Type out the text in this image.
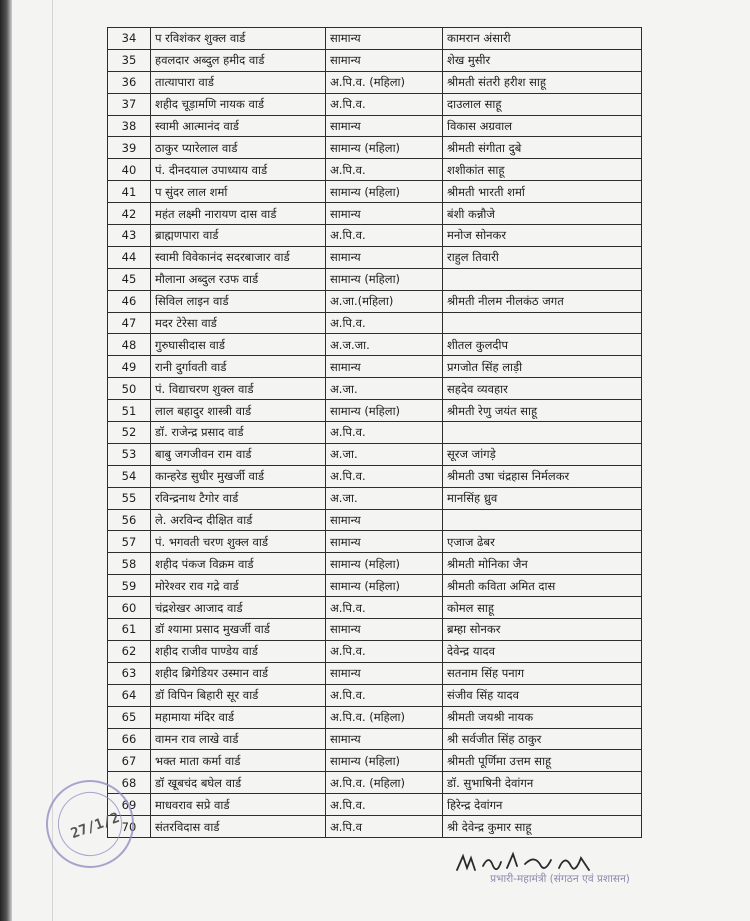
34	प रविशंकर शुक्ल वार्ड	सामान्य	कामरान अंसारी
35	हवलदार अब्दुल हमीद वार्ड	सामान्य	शेख मुसीर
36	तात्यापारा वार्ड	अ.पि.व. (महिला)	श्रीमती संतरी हरीश साहू
37	शहीद चूड़ामणि नायक वार्ड	अ.पि.व.	दाउलाल साहू
38	स्वामी आत्मानंद वार्ड	सामान्य	विकास अग्रवाल
39	ठाकुर प्यारेलाल वार्ड	सामान्य (महिला)	श्रीमती संगीता दुबे
40	पं. दीनदयाल उपाध्याय वार्ड	अ.पि.व.	शशीकांत साहू
41	प सुंदर लाल शर्मा	सामान्य (महिला)	श्रीमती भारती शर्मा
42	महंत लक्ष्मी नारायण दास वार्ड	सामान्य	बंशी कन्नौजे
43	ब्राह्मणपारा वार्ड	अ.पि.व.	मनोज सोनकर
44	स्वामी विवेकानंद सदरबाजार वार्ड	सामान्य	राहुल तिवारी
45	मौलाना अब्दुल रउफ वार्ड	सामान्य (महिला)	
46	सिविल लाइन वार्ड	अ.जा.(महिला)	श्रीमती नीलम नीलकंठ जगत
47	मदर टेरेसा वार्ड	अ.पि.व.	
48	गुरुघासीदास वार्ड	अ.ज.जा.	शीतल कुलदीप
49	रानी दुर्गावती वार्ड	सामान्य	प्रगजोत सिंह लाड़ी
50	पं. विद्याचरण शुक्ल वार्ड	अ.जा.	सहदेव व्यवहार
51	लाल बहादुर शास्त्री वार्ड	सामान्य (महिला)	श्रीमती रेणु जयंत साहू
52	डॉ. राजेन्द्र प्रसाद वार्ड	अ.पि.व.	
53	बाबु जगजीवन राम वार्ड	अ.जा.	सूरज जांगड़े
54	कान्हरेड सुधीर मुखर्जी वार्ड	अ.पि.व.	श्रीमती उषा चंद्रहास निर्मलकर
55	रविन्द्रनाथ टैगोर वार्ड	अ.जा.	मानसिंह ध्रुव
56	ले. अरविन्द दीक्षित वार्ड	सामान्य	
57	पं. भगवती चरण शुक्ल वार्ड	सामान्य	एजाज ढेबर
58	शहीद पंकज विक्रम वार्ड	सामान्य (महिला)	श्रीमती मोनिका जैन
59	मोरेश्वर राव गद्रे वार्ड	सामान्य (महिला)	श्रीमती कविता अमित दास
60	चंद्रशेखर आजाद वार्ड	अ.पि.व.	कोमल साहू
61	डॉ श्यामा प्रसाद मुखर्जी वार्ड	सामान्य	ब्रम्हा सोनकर
62	शहीद राजीव पाण्डेय वार्ड	अ.पि.व.	देवेन्द्र यादव
63	शहीद ब्रिगेडियर उस्मान वार्ड	सामान्य	सतनाम सिंह पनाग
64	डॉ विपिन बिहारी सूर वार्ड	अ.पि.व.	संजीव सिंह यादव
65	महामाया मंदिर वार्ड	अ.पि.व. (महिला)	श्रीमती जयश्री नायक
66	वामन राव लाखे वार्ड	सामान्य	श्री सर्वजीत सिंह ठाकुर
67	भक्त माता कर्मा वार्ड	सामान्य (महिला)	श्रीमती पूर्णिमा उत्तम साहू
68	डॉ खूबचंद बघेल वार्ड	अ.पि.व. (महिला)	डॉ. सुभाषिनी देवांगन
69	माधवराव सप्रे वार्ड	अ.पि.व.	हिरेन्द्र देवांगन
70	संतरविदास वार्ड	अ.पि.व	श्री देवेन्द्र कुमार साहू
27/1/2
प्रभारी-महामंत्री (संगठन एवं प्रशासन)
